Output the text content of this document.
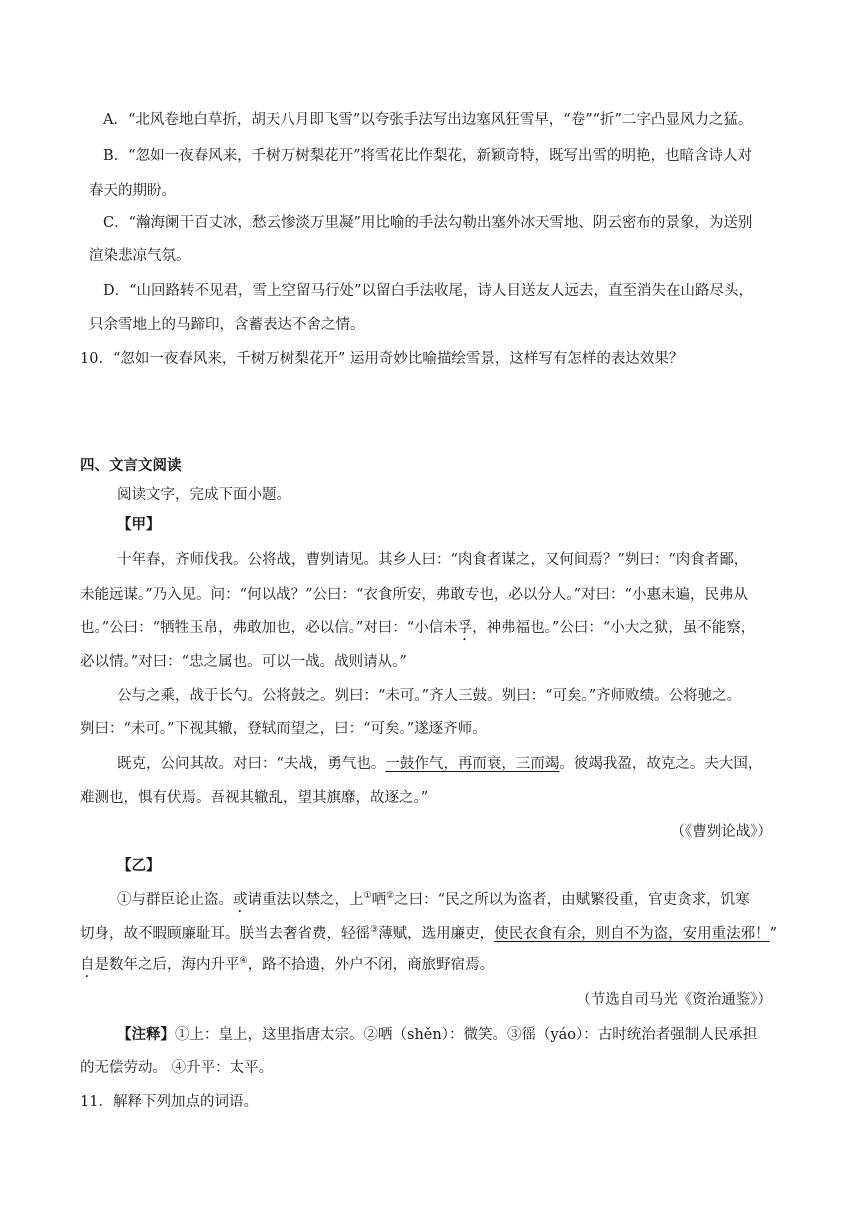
A．“北风卷地白草折，胡天八月即飞雪”以夸张手法写出边塞风狂雪早，“卷”“折”二字凸显风力之猛。
B．“忽如一夜春风来，千树万树梨花开”将雪花比作梨花，新颖奇特，既写出雪的明艳，也暗含诗人对
春天的期盼。
C．“瀚海阑干百丈冰，愁云惨淡万里凝”用比喻的手法勾勒出塞外冰天雪地、阴云密布的景象，为送别
渲染悲凉气氛。
D．“山回路转不见君，雪上空留马行处”以留白手法收尾，诗人目送友人远去，直至消失在山路尽头，
只余雪地上的马蹄印，含蓄表达不舍之情。
10．“忽如一夜春风来，千树万树梨花开” 运用奇妙比喻描绘雪景，这样写有怎样的表达效果？
四、文言文阅读
阅读文字，完成下面小题。
【甲】
十年春，齐师伐我。公将战，曹刿请见。其乡人曰：“肉食者谋之，又何间焉？”刿曰：“肉食者鄙，
未能远谋。”乃入见。问：“何以战？”公曰：“衣食所安，弗敢专也，必以分人。”对曰：“小惠未遍，民弗从
也。”公曰：“牺牲玉帛，弗敢加也，必以信。”对曰：“小信未孚，神弗福也。”公曰：“小大之狱，虽不能察，
必以情。”对曰：“忠之属也。可以一战。战则请从。”
公与之乘，战于长勺。公将鼓之。刿曰：“未可。”齐人三鼓。刿曰：“可矣。”齐师败绩。公将驰之。
刿曰：“未可。”下视其辙，登轼而望之，曰：“可矣。”遂逐齐师。
既克，公问其故。对曰：“夫战，勇气也。一鼓作气，再而衰，三而竭。彼竭我盈，故克之。夫大国，
难测也，惧有伏焉。吾视其辙乱，望其旗靡，故逐之。”
（《曹刿论战》）
【乙】
①与群臣论止盗。或请重法以禁之，上①哂②之曰：“民之所以为盗者，由赋繁役重，官吏贪求，饥寒
切身，故不暇顾廉耻耳。朕当去奢省费，轻徭③薄赋，选用廉吏，使民衣食有余，则自不为盗，安用重法邪！”
自是数年之后，海内升平④，路不拾遗，外户不闭，商旅野宿焉。
（节选自司马光《资治通鉴》）
【注释】①上：皇上，这里指唐太宗。②哂（shěn）：微笑。③徭（yáo）：古时统治者强制人民承担
的无偿劳动。 ④升平：太平。
11．解释下列加点的词语。
